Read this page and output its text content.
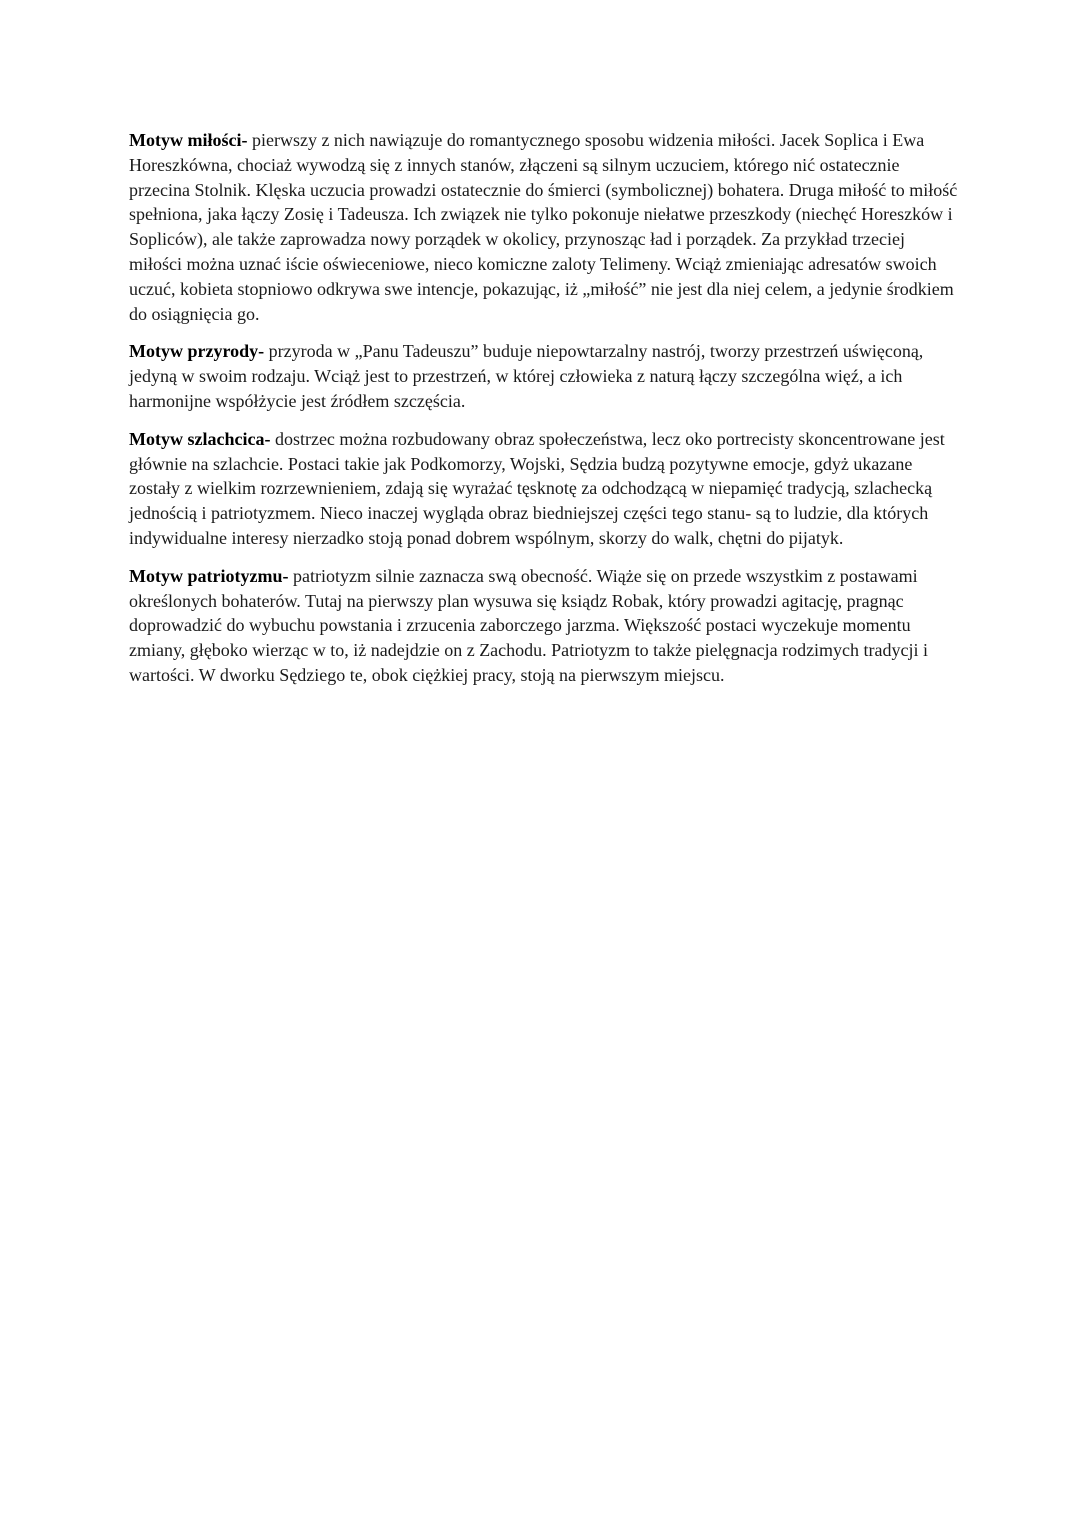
Motyw miłości- pierwszy z nich nawiązuje do romantycznego sposobu widzenia miłości. Jacek Soplica i Ewa Horeszkówna, chociaż wywodzą się z innych stanów, złączeni są silnym uczuciem, którego nić ostatecznie przecina Stolnik. Klęska uczucia prowadzi ostatecznie do śmierci (symbolicznej) bohatera. Druga miłość to miłość spełniona, jaka łączy Zosię i Tadeusza. Ich związek nie tylko pokonuje niełatwe przeszkody (niechęć Horeszków i Sopliców), ale także zaprowadza nowy porządek w okolicy, przynosząc ład i porządek. Za przykład trzeciej miłości można uznać iście oświeceniowe, nieco komiczne zaloty Telimeny. Wciąż zmieniając adresatów swoich uczuć, kobieta stopniowo odkrywa swe intencje, pokazując, iż „miłość” nie jest dla niej celem, a jedynie środkiem do osiągnięcia go.

Motyw przyrody- przyroda w „Panu Tadeuszu” buduje niepowtarzalny nastrój, tworzy przestrzeń uświęconą, jedyną w swoim rodzaju. Wciąż jest to przestrzeń, w której człowieka z naturą łączy szczególna więź, a ich harmonijne współżycie jest źródłem szczęścia.

Motyw szlachcica- dostrzec można rozbudowany obraz społeczeństwa, lecz oko portrecisty skoncentrowane jest głównie na szlachcie. Postaci takie jak Podkomorzy, Wojski, Sędzia budzą pozytywne emocje, gdyż ukazane zostały z wielkim rozrzewnieniem, zdają się wyrażać tęsknotę za odchodzącą w niepamięć tradycją, szlachecką jednością i patriotyzmem. Nieco inaczej wygląda obraz biedniejszej części tego stanu- są to ludzie, dla których indywidualne interesy nierzadko stoją ponad dobrem wspólnym, skorzy do walk, chętni do pijatyk.

Motyw patriotyzmu- patriotyzm silnie zaznacza swą obecność. Wiąże się on przede wszystkim z postawami określonych bohaterów. Tutaj na pierwszy plan wysuwa się ksiądz Robak, który prowadzi agitację, pragnąc doprowadzić do wybuchu powstania i zrzucenia zaborczego jarzma. Większość postaci wyczekuje momentu zmiany, głęboko wierząc w to, iż nadejdzie on z Zachodu. Patriotyzm to także pielęgnacja rodzimych tradycji i wartości. W dworku Sędziego te, obok ciężkiej pracy, stoją na pierwszym miejscu.
